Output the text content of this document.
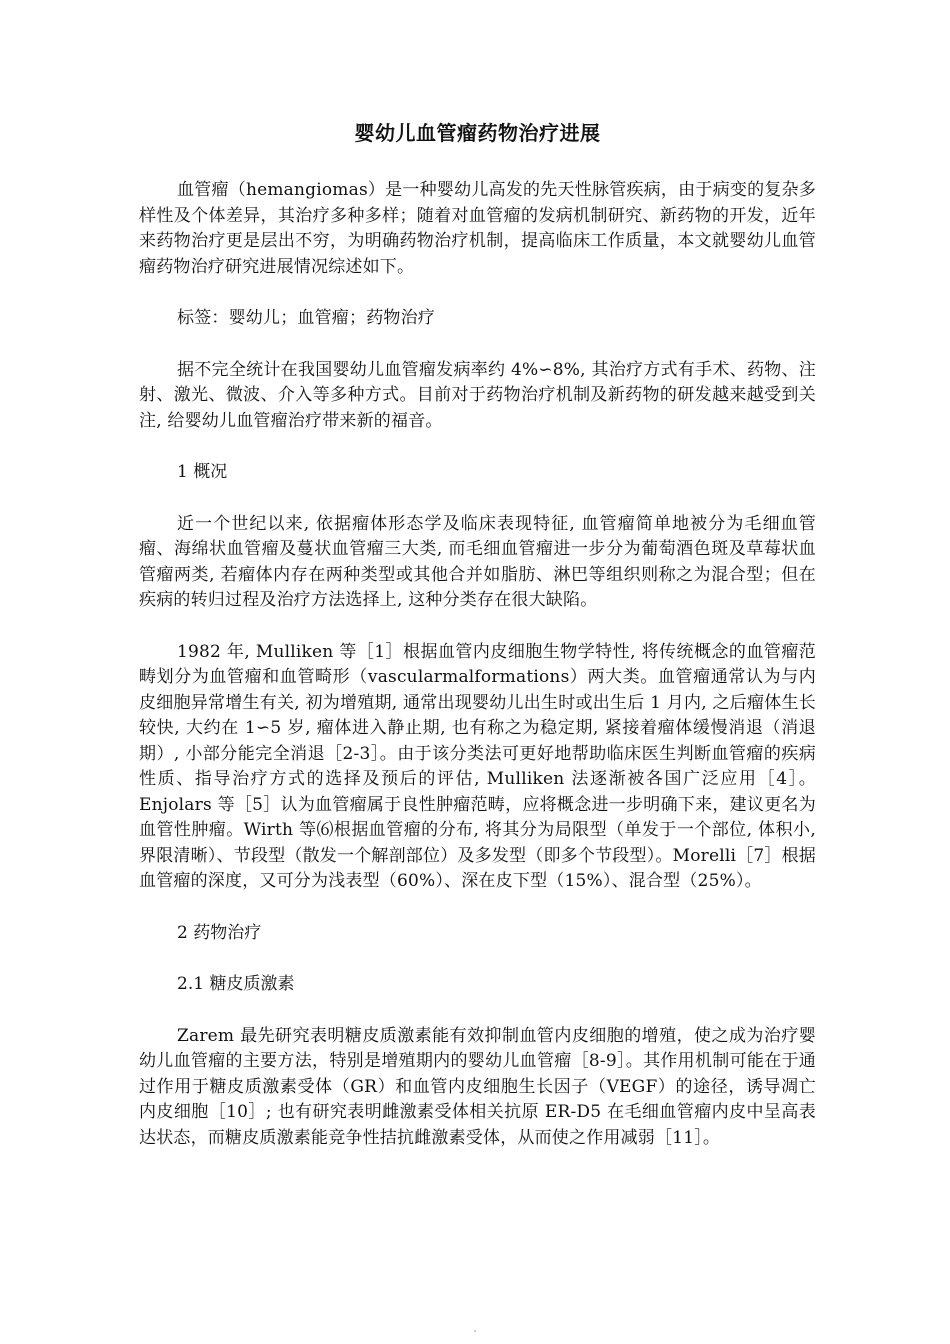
婴幼儿血管瘤药物治疗进展

血管瘤（hemangiomas）是一种婴幼儿高发的先天性脉管疾病，由于病变的复杂多样性及个体差异，其治疗多种多样；随着对血管瘤的发病机制研究、新药物的开发，近年来药物治疗更是层出不穷，为明确药物治疗机制，提高临床工作质量，本文就婴幼儿血管瘤药物治疗研究进展情况综述如下。

标签：婴幼儿；血管瘤；药物治疗

据不完全统计在我国婴幼儿血管瘤发病率约 4%∽8%, 其治疗方式有手术、药物、注射、激光、微波、介入等多种方式。目前对于药物治疗机制及新药物的研发越来越受到关注, 给婴幼儿血管瘤治疗带来新的福音。

1 概况

近一个世纪以来, 依据瘤体形态学及临床表现特征, 血管瘤简单地被分为毛细血管瘤、海绵状血管瘤及蔓状血管瘤三大类, 而毛细血管瘤进一步分为葡萄酒色斑及草莓状血管瘤两类, 若瘤体内存在两种类型或其他合并如脂肪、淋巴等组织则称之为混合型；但在疾病的转归过程及治疗方法选择上, 这种分类存在很大缺陷。

1982 年, Mulliken 等［1］根据血管内皮细胞生物学特性, 将传统概念的血管瘤范畴划分为血管瘤和血管畸形（vascularmalformations）两大类。血管瘤通常认为与内皮细胞异常增生有关, 初为增殖期, 通常出现婴幼儿出生时或出生后 1 月内, 之后瘤体生长较快, 大约在 1∽5 岁, 瘤体进入静止期, 也有称之为稳定期, 紧接着瘤体缓慢消退（消退期）, 小部分能完全消退［2-3］。由于该分类法可更好地帮助临床医生判断血管瘤的疾病性质、指导治疗方式的选择及预后的评估, Mulliken 法逐渐被各国广泛应用［4］。Enjolars 等［5］认为血管瘤属于良性肿瘤范畴，应将概念进一步明确下来，建议更名为血管性肿瘤。Wirth 等⑹根据血管瘤的分布, 将其分为局限型（单发于一个部位, 体积小, 界限清晰）、节段型（散发一个解剖部位）及多发型（即多个节段型）。Morelli［7］根据血管瘤的深度，又可分为浅表型（60%）、深在皮下型（15%）、混合型（25%）。

2 药物治疗

2.1 糖皮质激素

Zarem 最先研究表明糖皮质激素能有效抑制血管内皮细胞的增殖，使之成为治疗婴幼儿血管瘤的主要方法，特别是增殖期内的婴幼儿血管瘤［8-9］。其作用机制可能在于通过作用于糖皮质激素受体（GR）和血管内皮细胞生长因子（VEGF）的途径，诱导凋亡内皮细胞［10］; 也有研究表明雌激素受体相关抗原 ER-D5 在毛细血管瘤内皮中呈高表达状态，而糖皮质激素能竞争性拮抗雌激素受体，从而使之作用减弱［11］。
